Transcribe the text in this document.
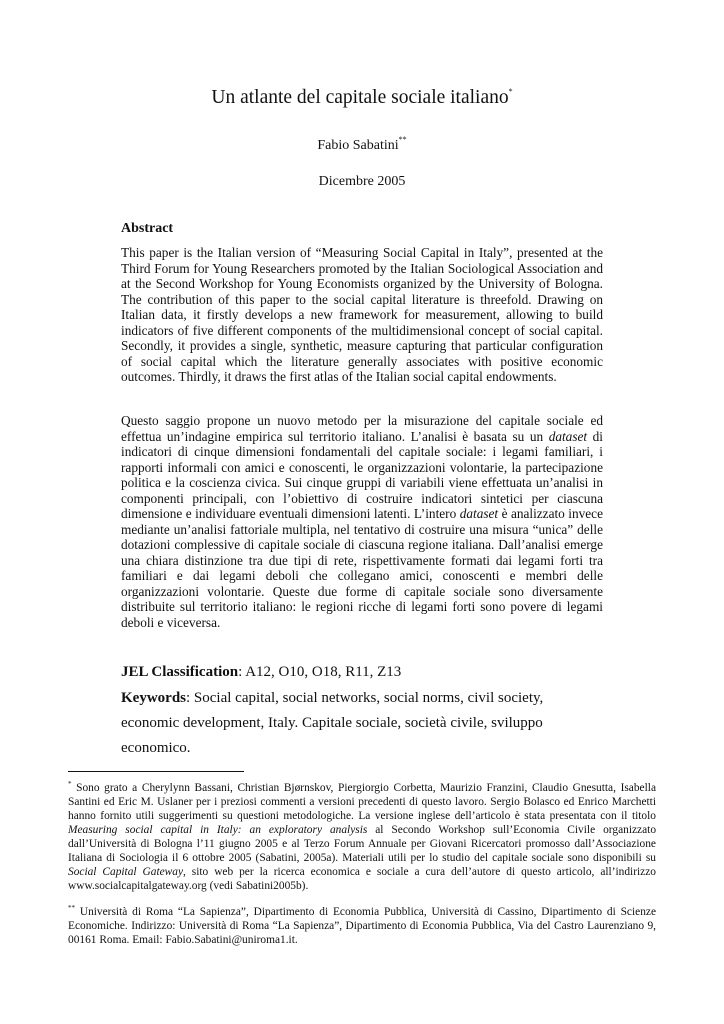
Un atlante del capitale sociale italiano*
Fabio Sabatini**
Dicembre 2005
Abstract

This paper is the Italian version of “Measuring Social Capital in Italy”, presented at the Third Forum for Young Researchers promoted by the Italian Sociological Association and at the Second Workshop for Young Economists organized by the University of Bologna. The contribution of this paper to the social capital literature is threefold. Drawing on Italian data, it firstly develops a new framework for measurement, allowing to build indicators of five different components of the multidimensional concept of social capital. Secondly, it provides a single, synthetic, measure capturing that particular configuration of social capital which the literature generally associates with positive economic outcomes. Thirdly, it draws the first atlas of the Italian social capital endowments.

Questo saggio propone un nuovo metodo per la misurazione del capitale sociale ed effettua un’indagine empirica sul territorio italiano. L’analisi è basata su un dataset di indicatori di cinque dimensioni fondamentali del capitale sociale: i legami familiari, i rapporti informali con amici e conoscenti, le organizzazioni volontarie, la partecipazione politica e la coscienza civica. Sui cinque gruppi di variabili viene effettuata un’analisi in componenti principali, con l’obiettivo di costruire indicatori sintetici per ciascuna dimensione e individuare eventuali dimensioni latenti. L’intero dataset è analizzato invece mediante un’analisi fattoriale multipla, nel tentativo di costruire una misura “unica” delle dotazioni complessive di capitale sociale di ciascuna regione italiana. Dall’analisi emerge una chiara distinzione tra due tipi di rete, rispettivamente formati dai legami forti tra familiari e dai legami deboli che collegano amici, conoscenti e membri delle organizzazioni volontarie. Queste due forme di capitale sociale sono diversamente distribuite sul territorio italiano: le regioni ricche di legami forti sono povere di legami deboli e viceversa.

JEL Classification: A12, O10, O18, R11, Z13

Keywords: Social capital, social networks, social norms, civil society, economic development, Italy. Capitale sociale, società civile, sviluppo economico.

* Sono grato a Cherylynn Bassani, Christian Bjørnskov, Piergiorgio Corbetta, Maurizio Franzini, Claudio Gnesutta, Isabella Santini ed Eric M. Uslaner per i preziosi commenti a versioni precedenti di questo lavoro. Sergio Bolasco ed Enrico Marchetti hanno fornito utili suggerimenti su questioni metodologiche. La versione inglese dell’articolo è stata presentata con il titolo Measuring social capital in Italy: an exploratory analysis al Secondo Workshop sull’Economia Civile organizzato dall’Università di Bologna l’11 giugno 2005 e al Terzo Forum Annuale per Giovani Ricercatori promosso dall’Associazione Italiana di Sociologia il 6 ottobre 2005 (Sabatini, 2005a). Materiali utili per lo studio del capitale sociale sono disponibili su Social Capital Gateway, sito web per la ricerca economica e sociale a cura dell’autore di questo articolo, all’indirizzo www.socialcapitalgateway.org (vedi Sabatini2005b).

** Università di Roma “La Sapienza”, Dipartimento di Economia Pubblica, Università di Cassino, Dipartimento di Scienze Economiche. Indirizzo: Università di Roma “La Sapienza”, Dipartimento di Economia Pubblica, Via del Castro Laurenziano 9, 00161 Roma. Email: Fabio.Sabatini@uniroma1.it.
